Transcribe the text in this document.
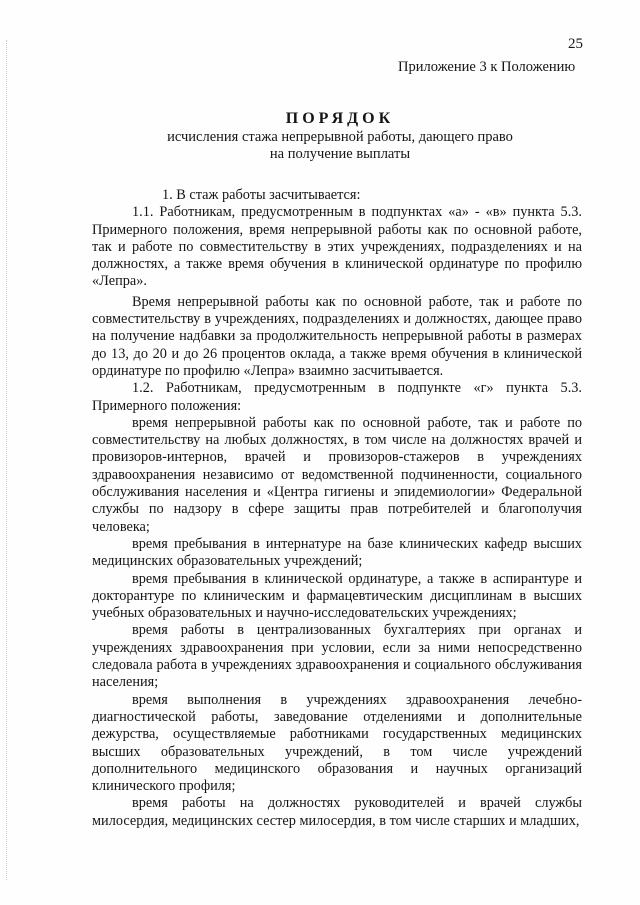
25
Приложение 3 к Положению
ПОРЯДОК
исчисления стажа непрерывной работы, дающего право
на получение выплаты

1. В стаж работы засчитывается:

1.1. Работникам, предусмотренным в подпунктах «а» - «в» пункта 5.3. Примерного положения, время непрерывной работы как по основной работе, так и работе по совместительству в этих учреждениях, подразделениях и на должностях, а также время обучения в клинической ординатуре по профилю «Лепра».

Время непрерывной работы как по основной работе, так и работе по совместительству в учреждениях, подразделениях и должностях, дающее право на получение надбавки за продолжительность непрерывной работы в размерах до 13, до 20 и до 26 процентов оклада, а также время обучения в клинической ординатуре по профилю «Лепра» взаимно засчитывается.

1.2. Работникам, предусмотренным в подпункте «г» пункта 5.3. Примерного положения:

время непрерывной работы как по основной работе, так и работе по совместительству на любых должностях, в том числе на должностях врачей и провизоров-интернов, врачей и провизоров-стажеров в учреждениях здравоохранения независимо от ведомственной подчиненности, социального обслуживания населения и «Центра гигиены и эпидемиологии» Федеральной службы по надзору в сфере защиты прав потребителей и благополучия человека;

время пребывания в интернатуре на базе клинических кафедр высших медицинских образовательных учреждений;

время пребывания в клинической ординатуре, а также в аспирантуре и докторантуре по клиническим и фармацевтическим дисциплинам в высших учебных образовательных и научно-исследовательских учреждениях;

время работы в централизованных бухгалтериях при органах и учреждениях здравоохранения при условии, если за ними непосредственно следовала работа в учреждениях здравоохранения и социального обслуживания населения;

время выполнения в учреждениях здравоохранения лечебно-диагностической работы, заведование отделениями и дополнительные дежурства, осуществляемые работниками государственных медицинских высших образовательных учреждений, в том числе учреждений дополнительного медицинского образования и научных организаций клинического профиля;

время работы на должностях руководителей и врачей службы милосердия, медицинских сестер милосердия, в том числе старших и младших,
